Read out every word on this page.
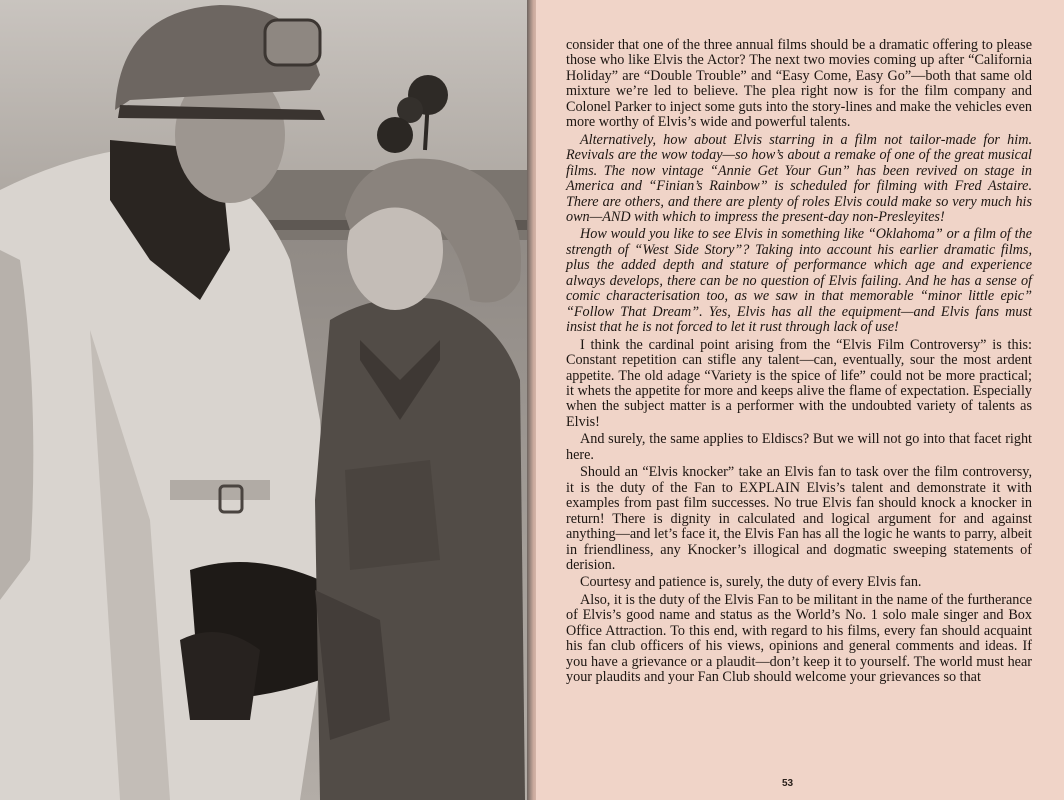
consider that one of the three annual films should be a dramatic offering to please those who like Elvis the Actor? The next two movies coming up after “California Holiday” are “Double Trouble” and “Easy Come, Easy Go”—both that same old mixture we’re led to believe. The plea right now is for the film company and Colonel Parker to inject some guts into the story-lines and make the vehicles even more worthy of Elvis’s wide and powerful talents.

Alternatively, how about Elvis starring in a film not tailor-made for him. Revivals are the wow today—so how’s about a remake of one of the great musical films. The now vintage “Annie Get Your Gun” has been revived on stage in America and “Finian’s Rainbow” is scheduled for filming with Fred Astaire. There are others, and there are plenty of roles Elvis could make so very much his own—AND with which to impress the present-day non-Presleyites!

How would you like to see Elvis in something like “Oklahoma” or a film of the strength of “West Side Story”? Taking into account his earlier dramatic films, plus the added depth and stature of performance which age and experience always develops, there can be no question of Elvis failing. And he has a sense of comic characterisation too, as we saw in that memorable “minor little epic” “Follow That Dream”. Yes, Elvis has all the equipment—and Elvis fans must insist that he is not forced to let it rust through lack of use!

I think the cardinal point arising from the “Elvis Film Controversy” is this: Constant repetition can stifle any talent—can, eventually, sour the most ardent appetite. The old adage “Variety is the spice of life” could not be more practical; it whets the appetite for more and keeps alive the flame of expectation. Especially when the subject matter is a performer with the undoubted variety of talents as Elvis!

And surely, the same applies to Eldiscs? But we will not go into that facet right here.

Should an “Elvis knocker” take an Elvis fan to task over the film controversy, it is the duty of the Fan to EXPLAIN Elvis’s talent and demonstrate it with examples from past film successes. No true Elvis fan should knock a knocker in return! There is dignity in calculated and logical argument for and against anything—and let’s face it, the Elvis Fan has all the logic he wants to parry, albeit in friendliness, any Knocker’s illogical and dogmatic sweeping statements of derision.

Courtesy and patience is, surely, the duty of every Elvis fan.

Also, it is the duty of the Elvis Fan to be militant in the name of the furtherance of Elvis’s good name and status as the World’s No. 1 solo male singer and Box Office Attraction. To this end, with regard to his films, every fan should acquaint his fan club officers of his views, opinions and general comments and ideas. If you have a grievance or a plaudit—don’t keep it to yourself. The world must hear your plaudits and your Fan Club should welcome your grievances so that

53
